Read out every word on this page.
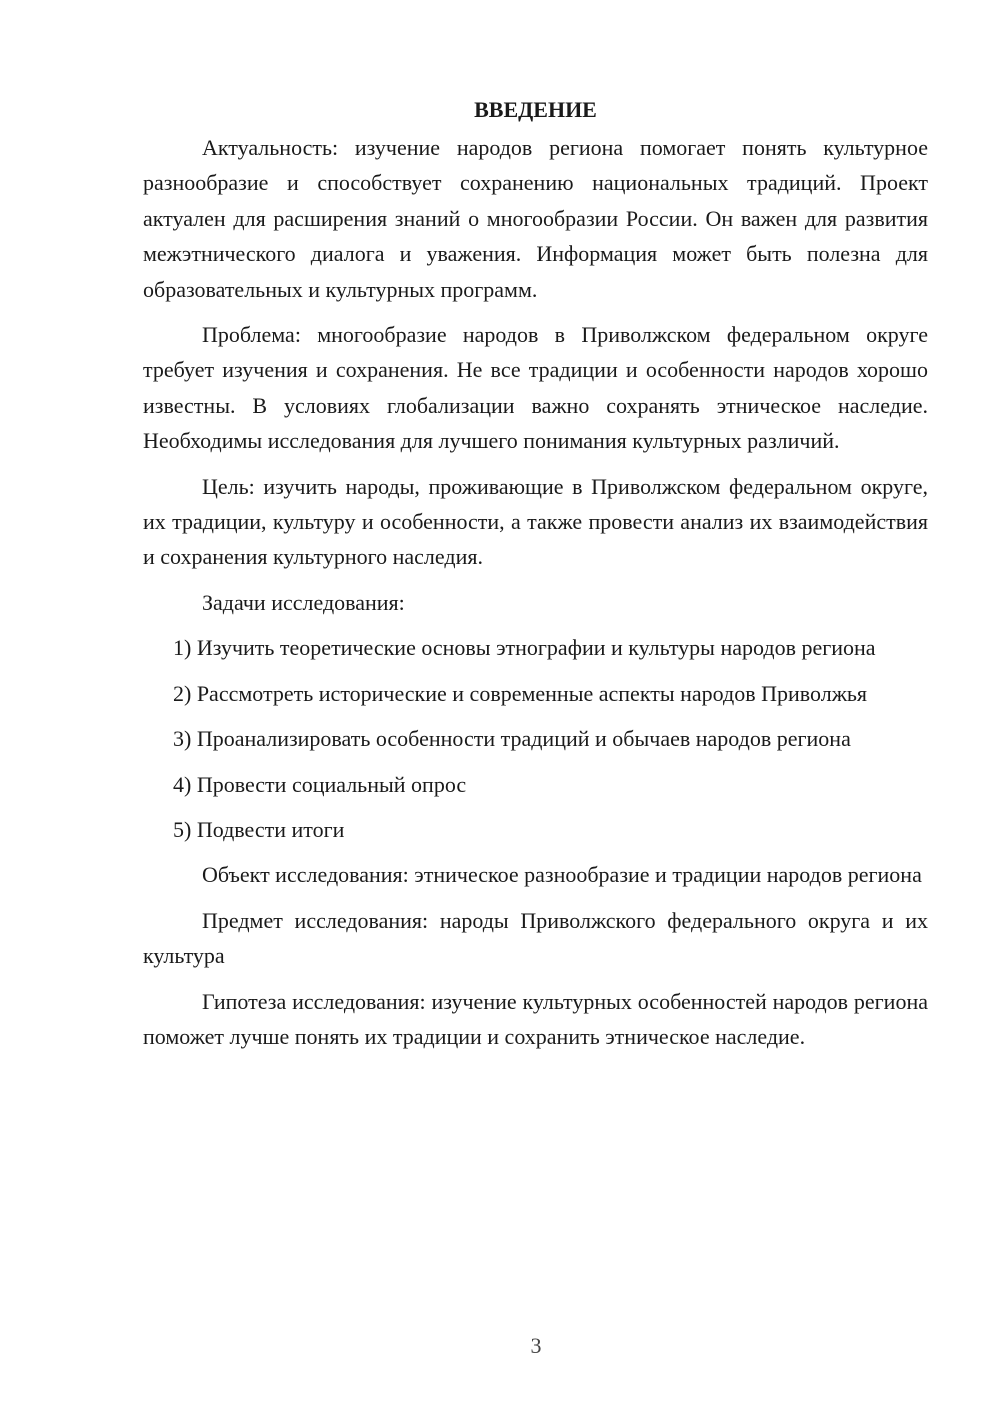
ВВЕДЕНИЕ

Актуальность: изучение народов региона помогает понять культурное разнообразие и способствует сохранению национальных традиций. Проект актуален для расширения знаний о многообразии России. Он важен для развития межэтнического диалога и уважения. Информация может быть полезна для образовательных и культурных программ.

Проблема: многообразие народов в Приволжском федеральном округе требует изучения и сохранения. Не все традиции и особенности народов хорошо известны. В условиях глобализации важно сохранять этническое наследие. Необходимы исследования для лучшего понимания культурных различий.

Цель: изучить народы, проживающие в Приволжском федеральном округе, их традиции, культуру и особенности, а также провести анализ их взаимодействия и сохранения культурного наследия.

Задачи исследования:

1) Изучить теоретические основы этнографии и культуры народов региона

2) Рассмотреть исторические и современные аспекты народов Приволжья

3) Проанализировать особенности традиций и обычаев народов региона

4) Провести социальный опрос

5) Подвести итоги

Объект исследования: этническое разнообразие и традиции народов региона

Предмет исследования: народы Приволжского федерального округа и их культура

Гипотеза исследования: изучение культурных особенностей народов региона поможет лучше понять их традиции и сохранить этническое наследие.

3
